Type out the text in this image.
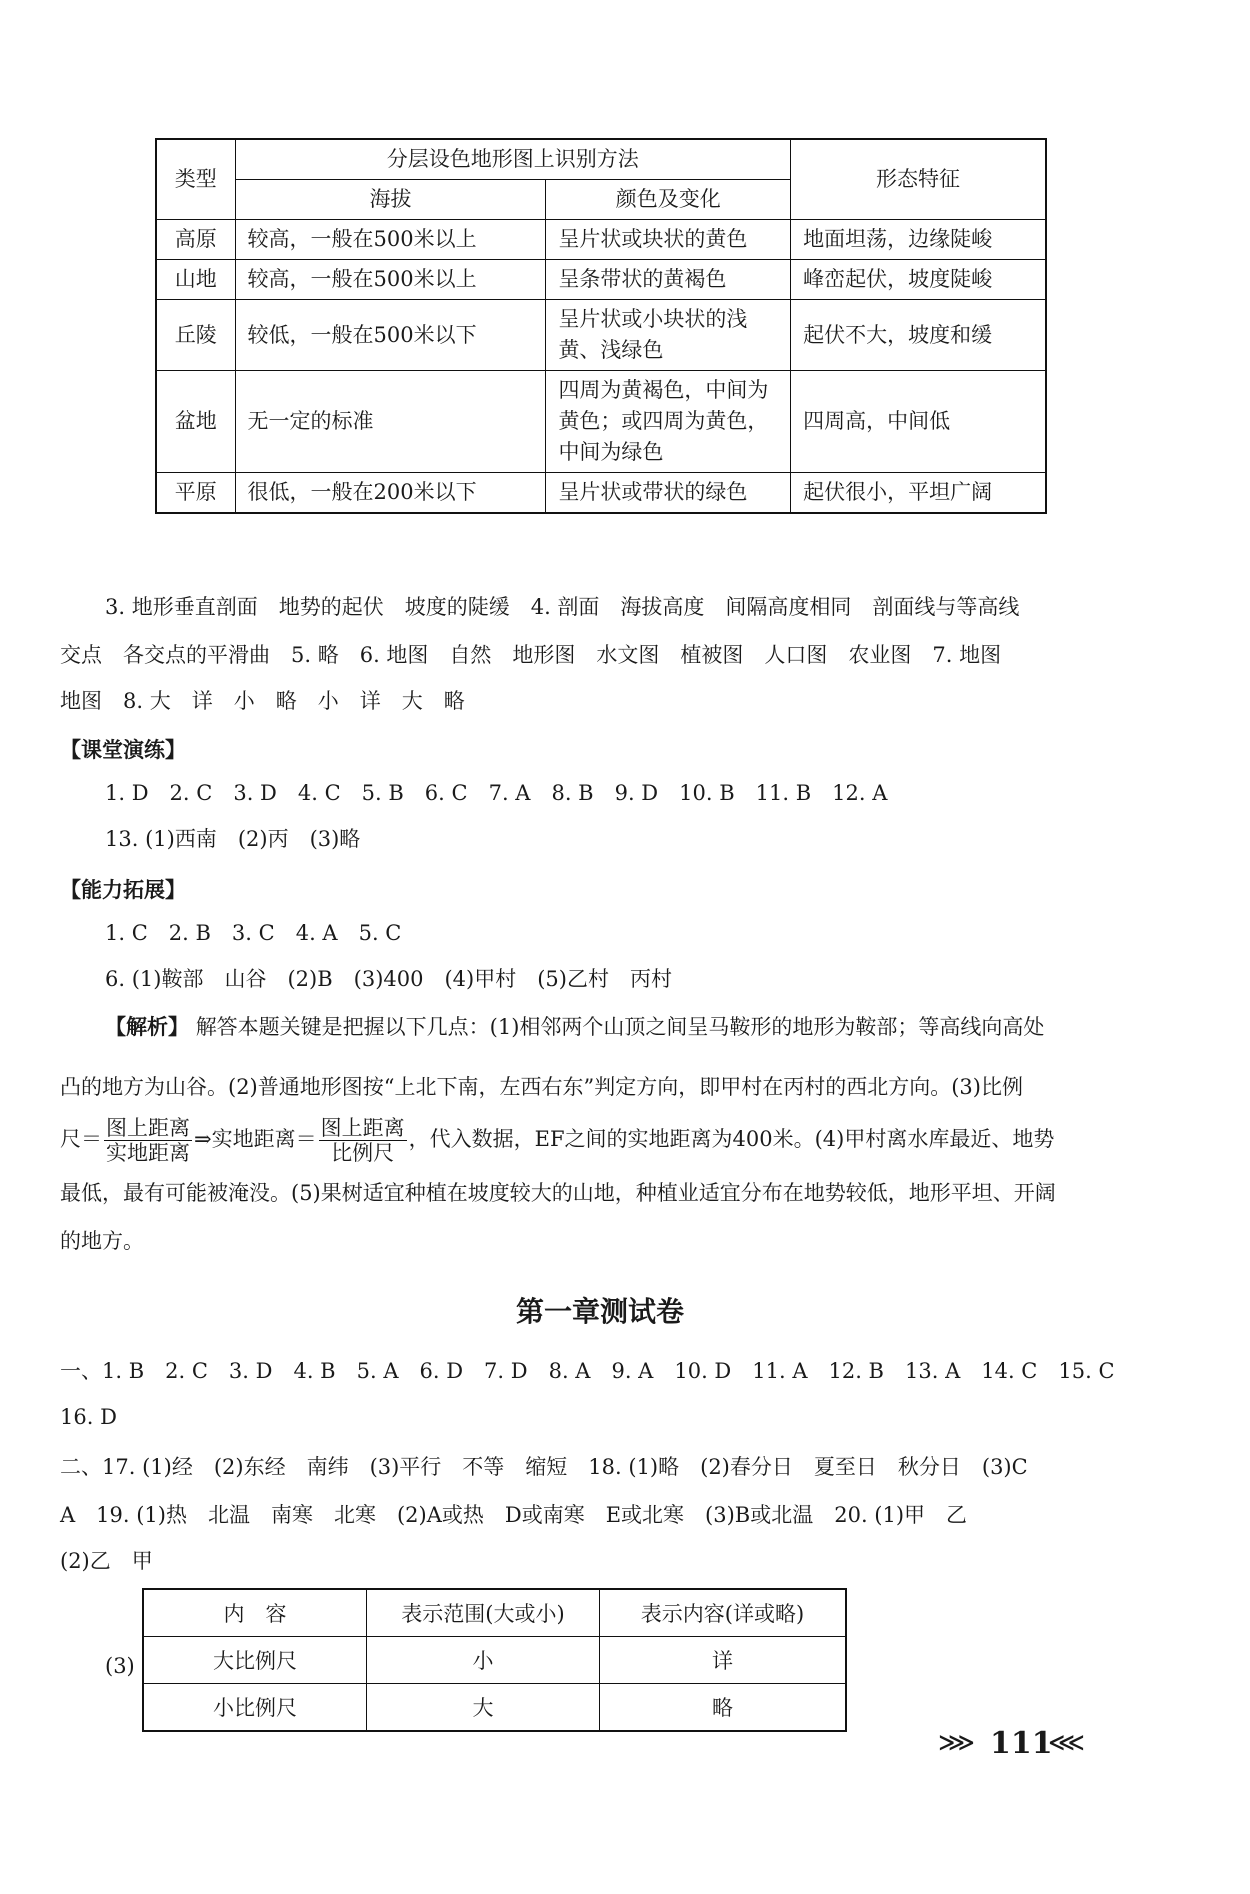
类型	分层设色地形图上识别方法		形态特征
	海拔	颜色及变化	
高原	较高，一般在500米以上	呈片状或块状的黄色	地面坦荡，边缘陡峻
山地	较高，一般在500米以上	呈条带状的黄褐色	峰峦起伏，坡度陡峻
丘陵	较低，一般在500米以下	呈片状或小块状的浅黄、浅绿色	起伏不大，坡度和缓
盆地	无一定的标准	四周为黄褐色，中间为黄色；或四周为黄色，中间为绿色	四周高，中间低
平原	很低，一般在200米以下	呈片状或带状的绿色	起伏很小，平坦广阔
3. 地形垂直剖面　地势的起伏　坡度的陡缓　4. 剖面　海拔高度　间隔高度相同　剖面线与等高线
交点　各交点的平滑曲　5. 略　6. 地图　自然　地形图　水文图　植被图　人口图　农业图　7. 地图
地图　8. 大　详　小　略　小　详　大　略
【课堂演练】
1. D　2. C　3. D　4. C　5. B　6. C　7. A　8. B　9. D　10. B　11. B　12. A
13. (1)西南　(2)丙　(3)略
【能力拓展】
1. C　2. B　3. C　4. A　5. C
6. (1)鞍部　山谷　(2)B　(3)400　(4)甲村　(5)乙村　丙村
【解析】 解答本题关键是把握以下几点：(1)相邻两个山顶之间呈马鞍形的地形为鞍部；等高线向高处
凸的地方为山谷。(2)普通地形图按“上北下南，左西右东”判定方向，即甲村在丙村的西北方向。(3)比例
尺＝ $\frac{\text{图上距离}}{\text{实地距离}}$ ⇒实地距离＝ $\frac{\text{图上距离}}{\text{比例尺}}$ ，代入数据，EF之间的实地距离为400米。(4)甲村离水库最近、地势
最低，最有可能被淹没。(5)果树适宜种植在坡度较大的山地，种植业适宜分布在地势较低，地形平坦、开阔
的地方。
第一章测试卷
一、1. B　2. C　3. D　4. B　5. A　6. D　7. D　8. A　9. A　10. D　11. A　12. B　13. A　14. C　15. C
16. D
二、17. (1)经　(2)东经　南纬　(3)平行　不等　缩短　18. (1)略　(2)春分日　夏至日　秋分日　(3)C
A　19. (1)热　北温　南寒　北寒　(2)A或热　D或南寒　E或北寒　(3)B或北温　20. (1)甲　乙
(2)乙　甲
(3)
内　容	表示范围(大或小)	表示内容(详或略)
大比例尺	小	详
小比例尺	大	略
⋙ 111
⋘
